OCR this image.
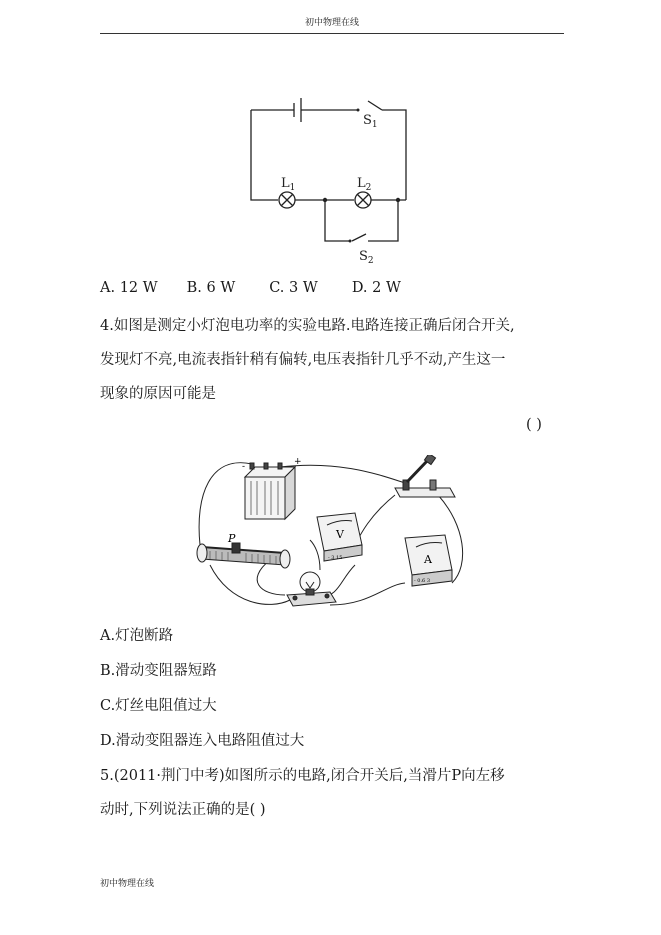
初中物理在线
$S_1$
$S_2$
$L_1$	$L_2$
A. 12 W B. 6 W C. 3 W D. 2 W
4.如图是测定小灯泡电功率的实验电路.电路连接正确后闭合开关,
发现灯不亮,电流表指针稍有偏转,电压表指针几乎不动,产生这一
现象的原因可能是
( )
+
-
V
- 3 15	A
- 0.6 3
P
A.灯泡断路
B.滑动变阻器短路
C.灯丝电阻值过大
D.滑动变阻器连入电路阻值过大
5.(2011·荆门中考)如图所示的电路,闭合开关后,当滑片P向左移
动时,下列说法正确的是( )
初中物理在线
